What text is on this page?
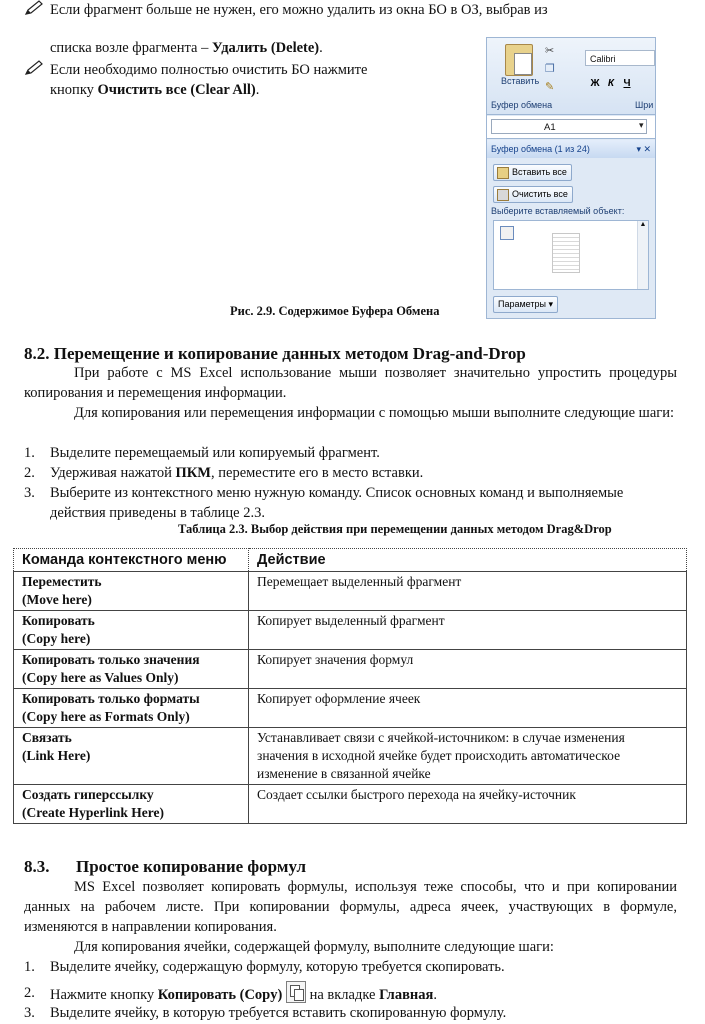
Если фрагмент больше не нужен, его можно удалить из окна БО в ОЗ, выбрав из
списка возле фрагмента – Удалить (Delete).
Если необходимо полностью очистить БО нажмите
кнопку Очистить все (Clear All).
Вставить
✂
❐
✎
Calibri
Ж К Ч
Буфер обмена	Шри
A1	▾
Буфер обмена (1 из 24)	▾ ✕
Вставить все
Очистить все
Выберите вставляемый объект:
▲
Параметры ▾
Рис. 2.9. Содержимое Буфера Обмена
8.2. Перемещение и копирование данных методом Drag-and-Drop
При работе с MS Excel использование мыши позволяет значительно упростить процедуры копирования и перемещения информации.
Для копирования или перемещения информации с помощью мыши выполните следующие шаги:
1. Выделите перемещаемый или копируемый фрагмент.
2. Удерживая нажатой ПКМ, переместите его в место вставки.
3. Выберите из контекстного меню нужную команду. Список основных команд и выполняемые действия приведены в таблице 2.3.
Таблица 2.3. Выбор действия при перемещении данных методом Drag&Drop
Команда контекстного меню	Действие
Переместить
(Move here)	Перемещает выделенный фрагмент
Копировать
(Copy here)	Копирует выделенный фрагмент
Копировать только значения
(Copy here as Values Only)	Копирует значения формул
Копировать только форматы
(Copy here as Formats Only)	Копирует оформление ячеек
Связать
(Link Here)	Устанавливает связи с ячейкой-источником: в случае изменения значения в исходной ячейке будет происходить автоматическое изменение в связанной ячейке
Создать гиперссылку
(Create Hyperlink Here)	Создает ссылки быстрого перехода на ячейку-источник
8.3. Простое копирование формул
MS Excel позволяет копировать формулы, используя теже способы, что и при копировании данных на рабочем листе. При копировании формулы, адреса ячеек, участвующих в формуле, изменяются в направлении копирования.
Для копирования ячейки, содержащей формулу, выполните следующие шаги:
1. Выделите ячейку, содержащую формулу, которую требуется скопировать.
2. Нажмите кнопку Копировать (Copy)  на вкладке Главная.
3. Выделите ячейку, в которую требуется вставить скопированную формулу.
